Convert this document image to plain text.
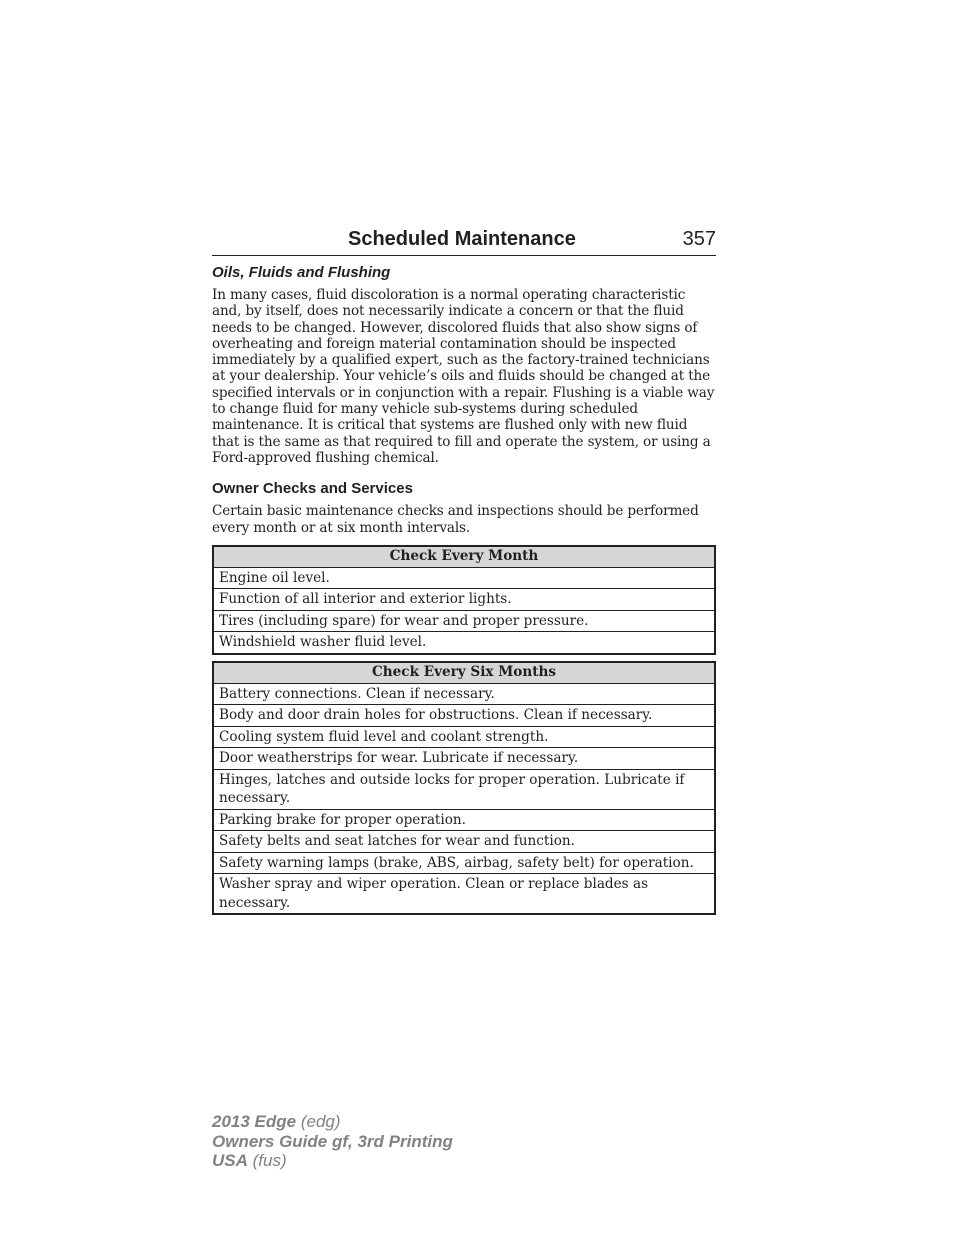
Scheduled Maintenance	357
Oils, Fluids and Flushing
In many cases, fluid discoloration is a normal operating characteristic and, by itself, does not necessarily indicate a concern or that the fluid needs to be changed. However, discolored fluids that also show signs of overheating and foreign material contamination should be inspected immediately by a qualified expert, such as the factory-trained technicians at your dealership. Your vehicle’s oils and fluids should be changed at the specified intervals or in conjunction with a repair. Flushing is a viable way to change fluid for many vehicle sub-systems during scheduled maintenance. It is critical that systems are flushed only with new fluid that is the same as that required to fill and operate the system, or using a Ford-approved flushing chemical.
Owner Checks and Services
Certain basic maintenance checks and inspections should be performed every month or at six month intervals.
Check Every Month
Engine oil level.
Function of all interior and exterior lights.
Tires (including spare) for wear and proper pressure.
Windshield washer fluid level.
Check Every Six Months
Battery connections. Clean if necessary.
Body and door drain holes for obstructions. Clean if necessary.
Cooling system fluid level and coolant strength.
Door weatherstrips for wear. Lubricate if necessary.
Hinges, latches and outside locks for proper operation. Lubricate if necessary.
Parking brake for proper operation.
Safety belts and seat latches for wear and function.
Safety warning lamps (brake, ABS, airbag, safety belt) for operation.
Washer spray and wiper operation. Clean or replace blades as necessary.
2013 Edge (edg)
Owners Guide gf, 3rd Printing
USA (fus)
